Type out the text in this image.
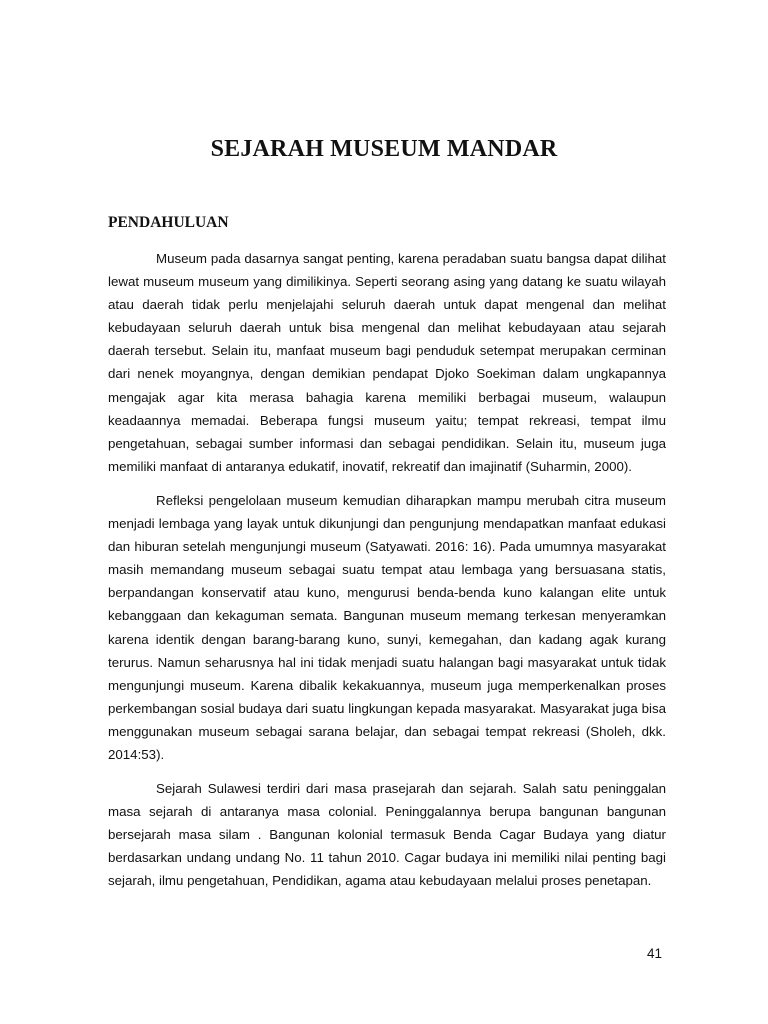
SEJARAH MUSEUM MANDAR
PENDAHULUAN

Museum pada dasarnya sangat penting, karena peradaban suatu bangsa dapat dilihat lewat museum museum yang dimilikinya. Seperti seorang asing yang datang ke suatu wilayah atau daerah tidak perlu menjelajahi seluruh daerah untuk dapat mengenal dan melihat kebudayaan seluruh daerah untuk bisa mengenal dan melihat kebudayaan atau sejarah daerah tersebut. Selain itu, manfaat museum bagi penduduk setempat merupakan cerminan dari nenek moyangnya, dengan demikian pendapat Djoko Soekiman dalam ungkapannya mengajak agar kita merasa bahagia karena memiliki berbagai museum, walaupun keadaannya memadai. Beberapa fungsi museum yaitu; tempat rekreasi, tempat ilmu pengetahuan, sebagai sumber informasi dan sebagai pendidikan. Selain itu, museum juga memiliki manfaat di antaranya edukatif, inovatif, rekreatif dan imajinatif (Suharmin, 2000).

Refleksi pengelolaan museum kemudian diharapkan mampu merubah citra museum menjadi lembaga yang layak untuk dikunjungi dan pengunjung mendapatkan manfaat edukasi dan hiburan setelah mengunjungi museum (Satyawati. 2016: 16). Pada umumnya masyarakat masih memandang museum sebagai suatu tempat atau lembaga yang bersuasana statis, berpandangan konservatif atau kuno, mengurusi benda-benda kuno kalangan elite untuk kebanggaan dan kekaguman semata. Bangunan museum memang terkesan menyeramkan karena identik dengan barang-barang kuno, sunyi, kemegahan, dan kadang agak kurang terurus. Namun seharusnya hal ini tidak menjadi suatu halangan bagi masyarakat untuk tidak mengunjungi museum. Karena dibalik kekakuannya, museum juga memperkenalkan proses perkembangan sosial budaya dari suatu lingkungan kepada masyarakat. Masyarakat juga bisa menggunakan museum sebagai sarana belajar, dan sebagai tempat rekreasi (Sholeh, dkk. 2014:53).

Sejarah Sulawesi terdiri dari masa prasejarah dan sejarah. Salah satu peninggalan masa sejarah di antaranya masa colonial. Peninggalannya berupa bangunan bangunan bersejarah masa silam . Bangunan kolonial termasuk Benda Cagar Budaya yang diatur berdasarkan undang undang No. 11 tahun 2010. Cagar budaya ini memiliki nilai penting bagi sejarah, ilmu pengetahuan, Pendidikan, agama atau kebudayaan melalui proses penetapan.

41
